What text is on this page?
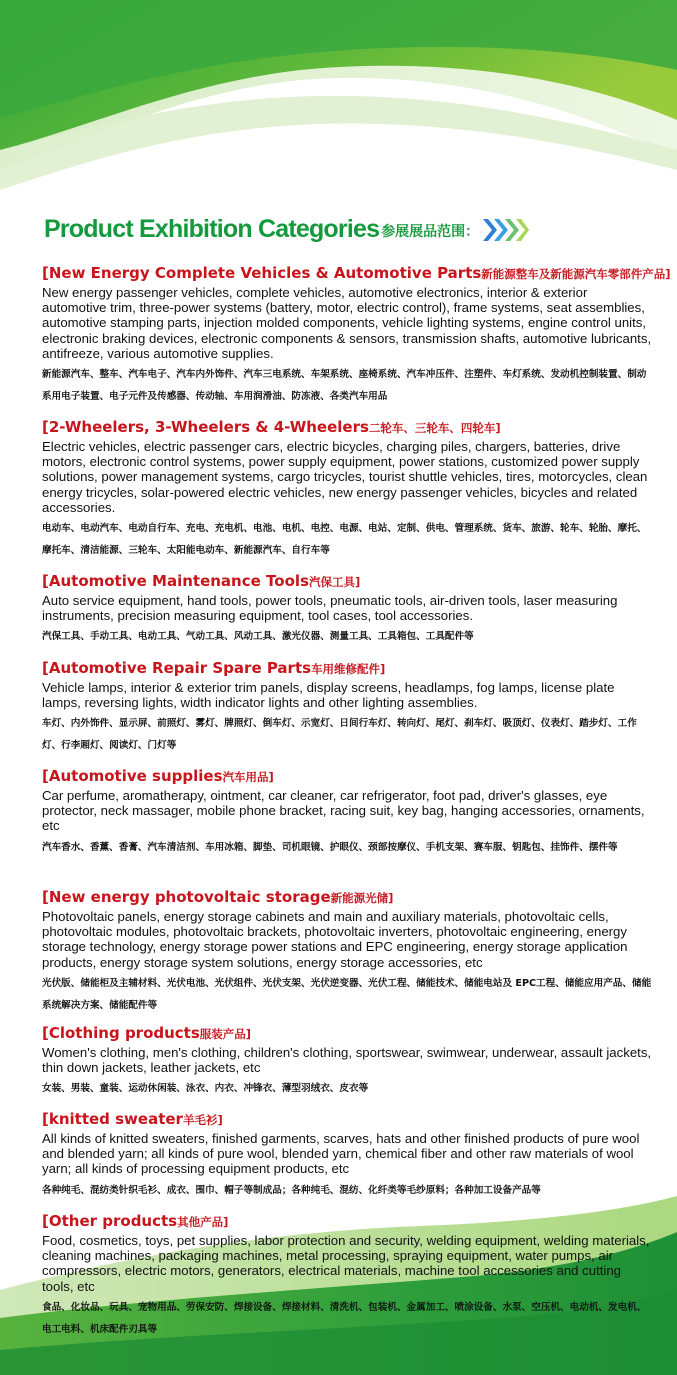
Product Exhibition Categories 参展展品范围：
[New Energy Complete Vehicles & Automotive Parts新能源整车及新能源汽车零部件产品]
New energy passenger vehicles, complete vehicles, automotive electronics, interior & exterior automotive trim, three-power systems (battery, motor, electric control), frame systems, seat assemblies, automotive stamping parts, injection molded components, vehicle lighting systems, engine control units, electronic braking devices, electronic components & sensors, transmission shafts, automotive lubricants, antifreeze, various automotive supplies.
新能源汽车、整车、汽车电子、汽车内外饰件、汽车三电系统、车架系统、座椅系统、汽车冲压件、注塑件、车灯系统、发动机控制装置、制动系用电子装置、电子元件及传感器、传动轴、车用润滑油、防冻液、各类汽车用品
[2-Wheelers, 3-Wheelers & 4-Wheelers二轮车、三轮车、四轮车]
Electric vehicles, electric passenger cars, electric bicycles, charging piles, chargers, batteries, drive motors, electronic control systems, power supply equipment, power stations, customized power supply solutions, power management systems, cargo tricycles, tourist shuttle vehicles, tires, motorcycles, clean energy tricycles, solar-powered electric vehicles, new energy passenger vehicles, bicycles and related accessories.
电动车、电动汽车、电动自行车、充电、充电机、电池、电机、电控、电源、电站、定制、供电、管理系统、货车、旅游、轮车、轮胎、摩托、摩托车、清洁能源、三轮车、太阳能电动车、新能源汽车、自行车等
[Automotive Maintenance Tools汽保工具]
Auto service equipment, hand tools, power tools, pneumatic tools, air-driven tools, laser measuring instruments, precision measuring equipment, tool cases, tool accessories.
汽保工具、手动工具、电动工具、气动工具、风动工具、激光仪器、测量工具、工具箱包、工具配件等
[Automotive Repair Spare Parts车用维修配件]
Vehicle lamps, interior & exterior trim panels, display screens, headlamps, fog lamps, license plate lamps, reversing lights, width indicator lights and other lighting assemblies.
车灯、内外饰件、显示屏、前照灯、雾灯、牌照灯、倒车灯、示宽灯、日间行车灯、转向灯、尾灯、刹车灯、吸顶灯、仪表灯、踏步灯、工作灯、行李厢灯、阅读灯、门灯等
[Automotive supplies汽车用品]
Car perfume, aromatherapy, ointment, car cleaner, car refrigerator, foot pad, driver's glasses, eye protector, neck massager, mobile phone bracket, racing suit, key bag, hanging accessories, ornaments, etc
汽车香水、香薰、香膏、汽车清洁剂、车用冰箱、脚垫、司机眼镜、护眼仪、颈部按摩仪、手机支架、赛车服、钥匙包、挂饰件、摆件等
[New energy photovoltaic storage新能源光储]
Photovoltaic panels, energy storage cabinets and main and auxiliary materials, photovoltaic cells, photovoltaic modules, photovoltaic brackets, photovoltaic inverters, photovoltaic engineering, energy storage technology, energy storage power stations and EPC engineering, energy storage application products, energy storage system solutions, energy storage accessories, etc
光伏版、储能柜及主辅材料、光伏电池、光伏组件、光伏支架、光伏逆变器、光伏工程、储能技术、储能电站及 EPC工程、储能应用产品、储能系统解决方案、储能配件等
[Clothing products服装产品]
Women's clothing, men's clothing, children's clothing, sportswear, swimwear, underwear, assault jackets, thin down jackets, leather jackets, etc
女装、男装、童装、运动休闲装、泳衣、内衣、冲锋衣、薄型羽绒衣、皮衣等
[knitted sweater羊毛衫]
All kinds of knitted sweaters, finished garments, scarves, hats and other finished products of pure wool and blended yarn; all kinds of pure wool, blended yarn, chemical fiber and other raw materials of wool yarn; all kinds of processing equipment products, etc
各种纯毛、混纺类针织毛衫、成衣、围巾、帽子等制成品；各种纯毛、混纺、化纤类等毛纱原料；各种加工设备产品等
[Other products其他产品]
Food, cosmetics, toys, pet supplies, labor protection and security, welding equipment, welding materials, cleaning machines, packaging machines, metal processing, spraying equipment, water pumps, air compressors, electric motors, generators, electrical materials, machine tool accessories and cutting tools, etc
食品、化妆品、玩具、宠物用品、劳保安防、焊接设备、焊接材料、清洗机、包装机、金属加工、喷涂设备、水泵、空压机、电动机、发电机、电工电料、机床配件刃具等
